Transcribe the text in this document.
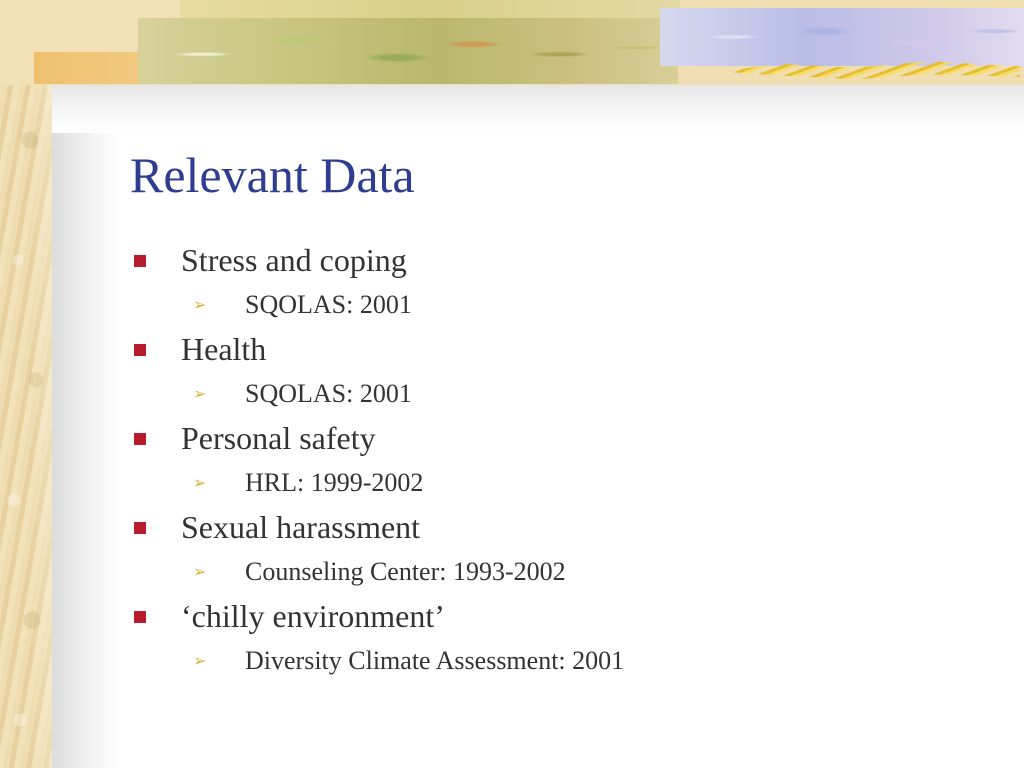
Relevant Data
Stress and coping
➢ SQOLAS: 2001
Health
➢ SQOLAS: 2001
Personal safety
➢ HRL: 1999-2002
Sexual harassment
➢ Counseling Center: 1993-2002
‘chilly environment’
➢ Diversity Climate Assessment: 2001
